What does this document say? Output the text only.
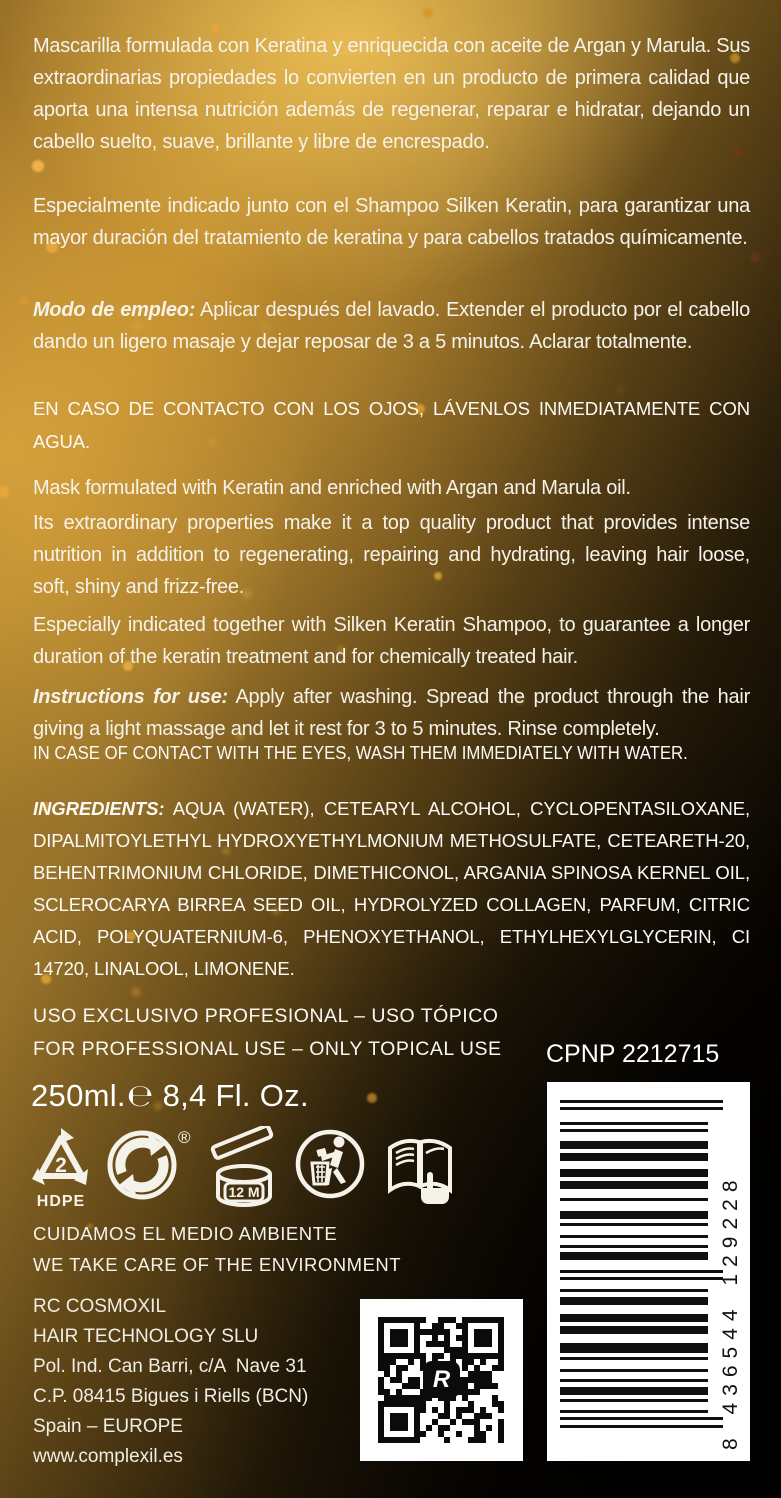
Mascarilla formulada con Keratina y enriquecida con aceite de Argan y Marula. Sus extraordinarias propiedades lo convierten en un producto de primera calidad que aporta una intensa nutrición además de regenerar, reparar e hidratar, dejando un cabello suelto, suave, brillante y libre de encrespado.

Especialmente indicado junto con el Shampoo Silken Keratin, para garantizar una mayor duración del tratamiento de keratina y para cabellos tratados químicamente.

Modo de empleo: Aplicar después del lavado. Extender el producto por el cabello dando un ligero masaje y dejar reposar de 3 a 5 minutos. Aclarar totalmente.

EN CASO DE CONTACTO CON LOS OJOS, LÁVENLOS INMEDIATAMENTE CON AGUA.

Mask formulated with Keratin and enriched with Argan and Marula oil.

Its extraordinary properties make it a top quality product that provides intense nutrition in addition to regenerating, repairing and hydrating, leaving hair loose, soft, shiny and frizz-free.

Especially indicated together with Silken Keratin Shampoo, to guarantee a longer duration of the keratin treatment and for chemically treated hair.

Instructions for use: Apply after washing. Spread the product through the hair giving a light massage and let it rest for 3 to 5 minutes. Rinse completely.

IN CASE OF CONTACT WITH THE EYES, WASH THEM IMMEDIATELY WITH WATER.

INGREDIENTS: AQUA (WATER), CETEARYL ALCOHOL, CYCLOPENTASILOXANE, DIPALMITOYLETHYL HYDROXYETHYLMONIUM METHOSULFATE, CETEARETH-20, BEHENTRIMONIUM CHLORIDE, DIMETHICONOL, ARGANIA SPINOSA KERNEL OIL, SCLEROCARYA BIRREA SEED OIL, HYDROLYZED COLLAGEN, PARFUM, CITRIC ACID, POLYQUATERNIUM-6, PHENOXYETHANOL, ETHYLHEXYLGLYCERIN, CI 14720, LINALOOL, LIMONENE.

USO EXCLUSIVO PROFESIONAL – USO TÓPICO
FOR PROFESSIONAL USE – ONLY TOPICAL USE	CPNP 2212715
250ml.℮ 8,4 Fl. Oz.
2
HDPE
®
12 M
CUIDAMOS EL MEDIO AMBIENTE
WE TAKE CARE OF THE ENVIRONMENT
RC COSMOXIL
HAIR TECHNOLOGY SLU
Pol. Ind. Can Barri, c/A  Nave 31
C.P. 08415 Bigues i Riells (BCN)
Spain – EUROPE
www.complexil.es
R	8 436544 129228
